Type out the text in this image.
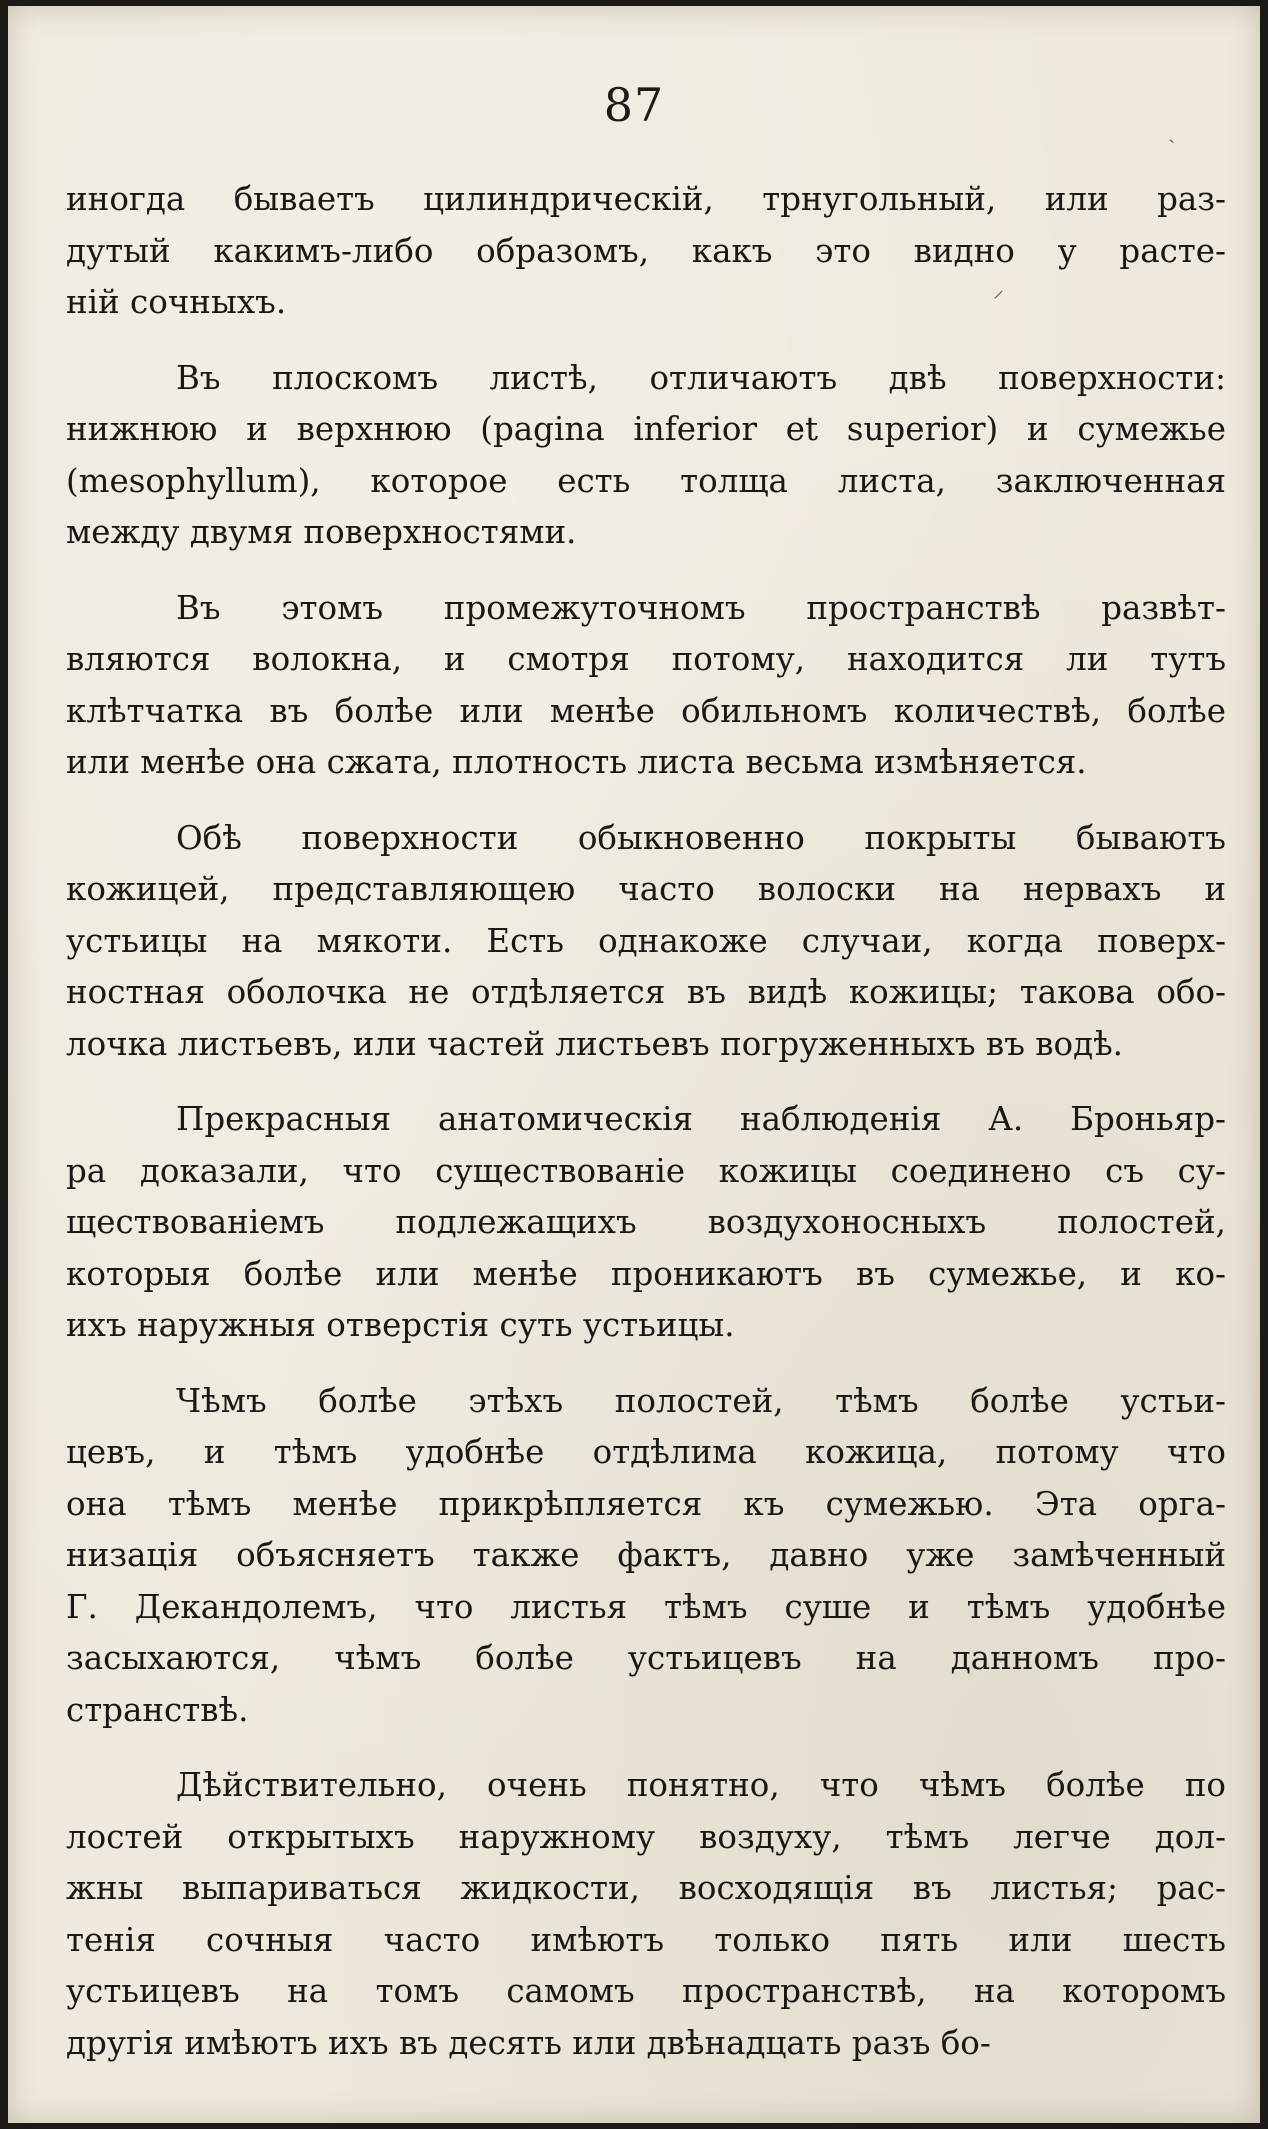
87
иногда бываетъ цилиндрическій, трнугольный, или раз-
дутый какимъ-либо образомъ, какъ это видно у расте-
ній сочныхъ.
Въ плоскомъ листѣ, отличаютъ двѣ поверхности:
нижнюю и верхнюю (pagina inferior et superior) и сумежье
(mesophyllum), которое есть толща листа, заключенная
между двумя поверхностями.
Въ этомъ промежуточномъ пространствѣ развѣт-
вляются волокна, и смотря потому, находится ли тутъ
клѣтчатка въ болѣе или менѣе обильномъ количествѣ, болѣе
или менѣе она сжата, плотность листа весьма измѣняется.
Обѣ поверхности обыкновенно покрыты бываютъ
кожицей, представляющею часто волоски на нервахъ и
устьицы на мякоти. Есть однакоже случаи, когда поверх-
ностная оболочка не отдѣляется въ видѣ кожицы; такова обо-
лочка листьевъ, или частей листьевъ погруженныхъ въ водѣ.
Прекрасныя анатомическія наблюденія А. Броньяр-
ра доказали, что существованіе кожицы соединено съ су-
ществованіемъ подлежащихъ воздухоносныхъ полостей,
которыя болѣе или менѣе проникаютъ въ сумежье, и ко-
ихъ наружныя отверстія суть устьицы.
Чѣмъ болѣе этѣхъ полостей, тѣмъ болѣе устьи-
цевъ, и тѣмъ удобнѣе отдѣлима кожица, потому что
она тѣмъ менѣе прикрѣпляется къ сумежью. Эта орга-
низація объясняетъ также фактъ, давно уже замѣченный
Г. Декандолемъ, что листья тѣмъ суше и тѣмъ удобнѣе
засыхаются, чѣмъ болѣе устьицевъ на данномъ про-
странствѣ.
Дѣйствительно, очень понятно, что чѣмъ болѣе по
лостей открытыхъ наружному воздуху, тѣмъ легче дол-
жны выпариваться жидкости, восходящія въ листья; рас-
тенія сочныя часто имѣютъ только пять или шесть
устьицевъ на томъ самомъ пространствѣ, на которомъ
другія имѣютъ ихъ въ десять или двѣнадцать разъ бо-
⸝
ˏ
